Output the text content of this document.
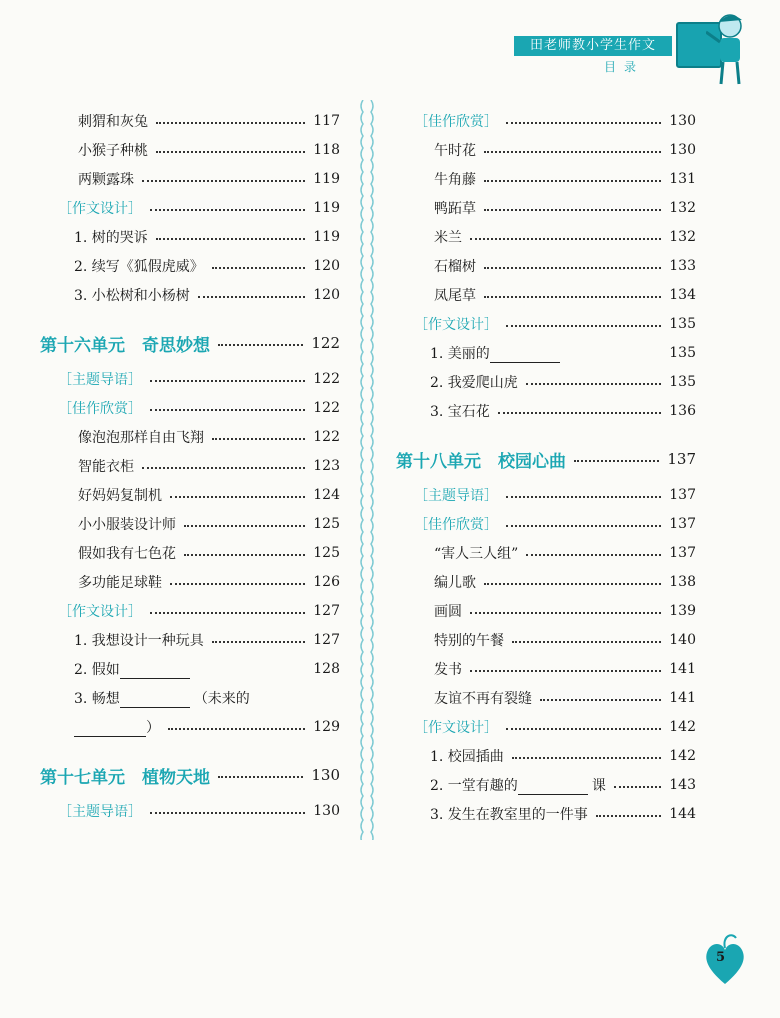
田老师教小学生作文
目录
刺猬和灰兔	117
小猴子种桃	118
两颗露珠	119
［作文设计］	119
1. 树的哭诉	119
2. 续写《狐假虎威》	120
3. 小松树和小杨树	120
第十六单元　奇思妙想	122
［主题导语］	122
［佳作欣赏］	122
像泡泡那样自由飞翔	122
智能衣柜	123
好妈妈复制机	124
小小服装设计师	125
假如我有七色花	125
多功能足球鞋	126
［作文设计］	127
1. 我想设计一种玩具	127
2. 假如	128
3. 畅想	（未来的
）	129
第十七单元　植物天地	130
［主题导语］	130
［佳作欣赏］	130
午时花	130
牛角藤	131
鸭跖草	132
米兰	132
石榴树	133
凤尾草	134
［作文设计］	135
1. 美丽的	135
2. 我爱爬山虎	135
3. 宝石花	136
第十八单元　校园心曲	137
［主题导语］	137
［佳作欣赏］	137
“害人三人组”	137
编儿歌	138
画圆	139
特别的午餐	140
发书	141
友谊不再有裂缝	141
［作文设计］	142
1. 校园插曲	142
2. 一堂有趣的	课	143
3. 发生在教室里的一件事	144
5
